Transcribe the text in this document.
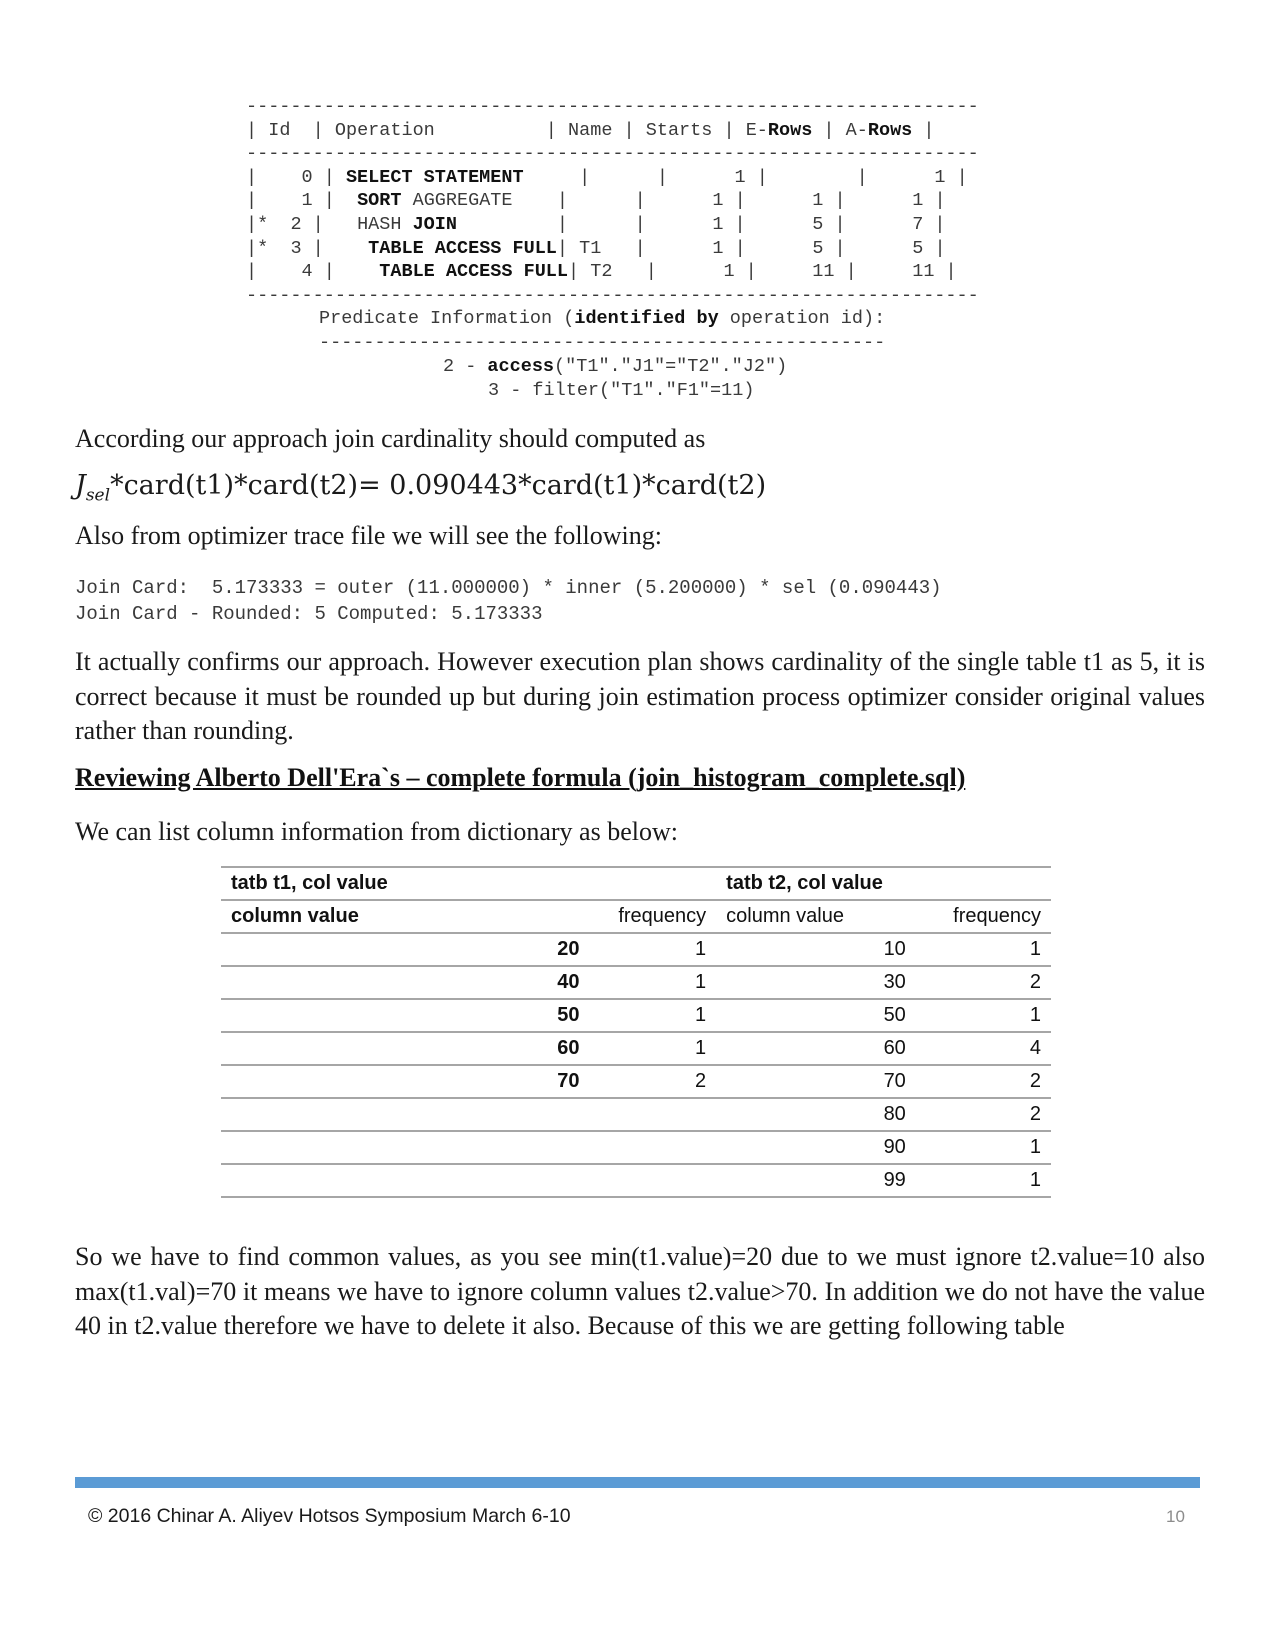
------------------------------------------------------------------
| Id  | Operation          | Name | Starts | E-Rows | A-Rows |
------------------------------------------------------------------
| 0 | SELECT STATEMENT     |      |      1 |        |      1 |
| 1 |  SORT AGGREGATE    |      |      1 |      1 |      1 |
|* 2 |   HASH JOIN         |      |      1 |      5 |      7 |
|* 3 |    TABLE ACCESS FULL| T1   |      1 |      5 |      5 |
| 4 |    TABLE ACCESS FULL| T2   |      1 |     11 |     11 |
------------------------------------------------------------------
Predicate Information (identified by operation id):
---------------------------------------------------
2 - access("T1"."J1"="T2"."J2")
3 - filter("T1"."F1"=11)
According our approach join cardinality should computed as
$J_{sel}*card(t1)*card(t2)=$ 0.090443*card(t1)*card(t2)
Also from optimizer trace file we will see the following:
Join Card:  5.173333 = outer (11.000000) * inner (5.200000) * sel (0.090443)
Join Card - Rounded: 5 Computed: 5.173333
It actually confirms our approach. However execution plan shows cardinality of the single table t1 as 5, it is correct because it must be rounded up but during join estimation process optimizer consider original values rather than rounding.
Reviewing Alberto Dell'Era`s – complete formula (join_histogram_complete.sql)
We can list column information from dictionary as below:
tatb t1, col value			tatb t2, col value	
column value		frequency	column value	frequency
	20	1	10	1
	40	1	30	2
	50	1	50	1
	60	1	60	4
	70	2	70	2
			80	2
			90	1
			99	1
So we have to find common values, as you see min(t1.value)=20 due to we must ignore t2.value=10 also max(t1.val)=70 it means we have to ignore column values t2.value>70. In addition we do not have the value 40 in t2.value therefore we have to delete it also. Because of this we are getting following table
© 2016 Chinar A. Aliyev Hotsos Symposium March 6-10	10
